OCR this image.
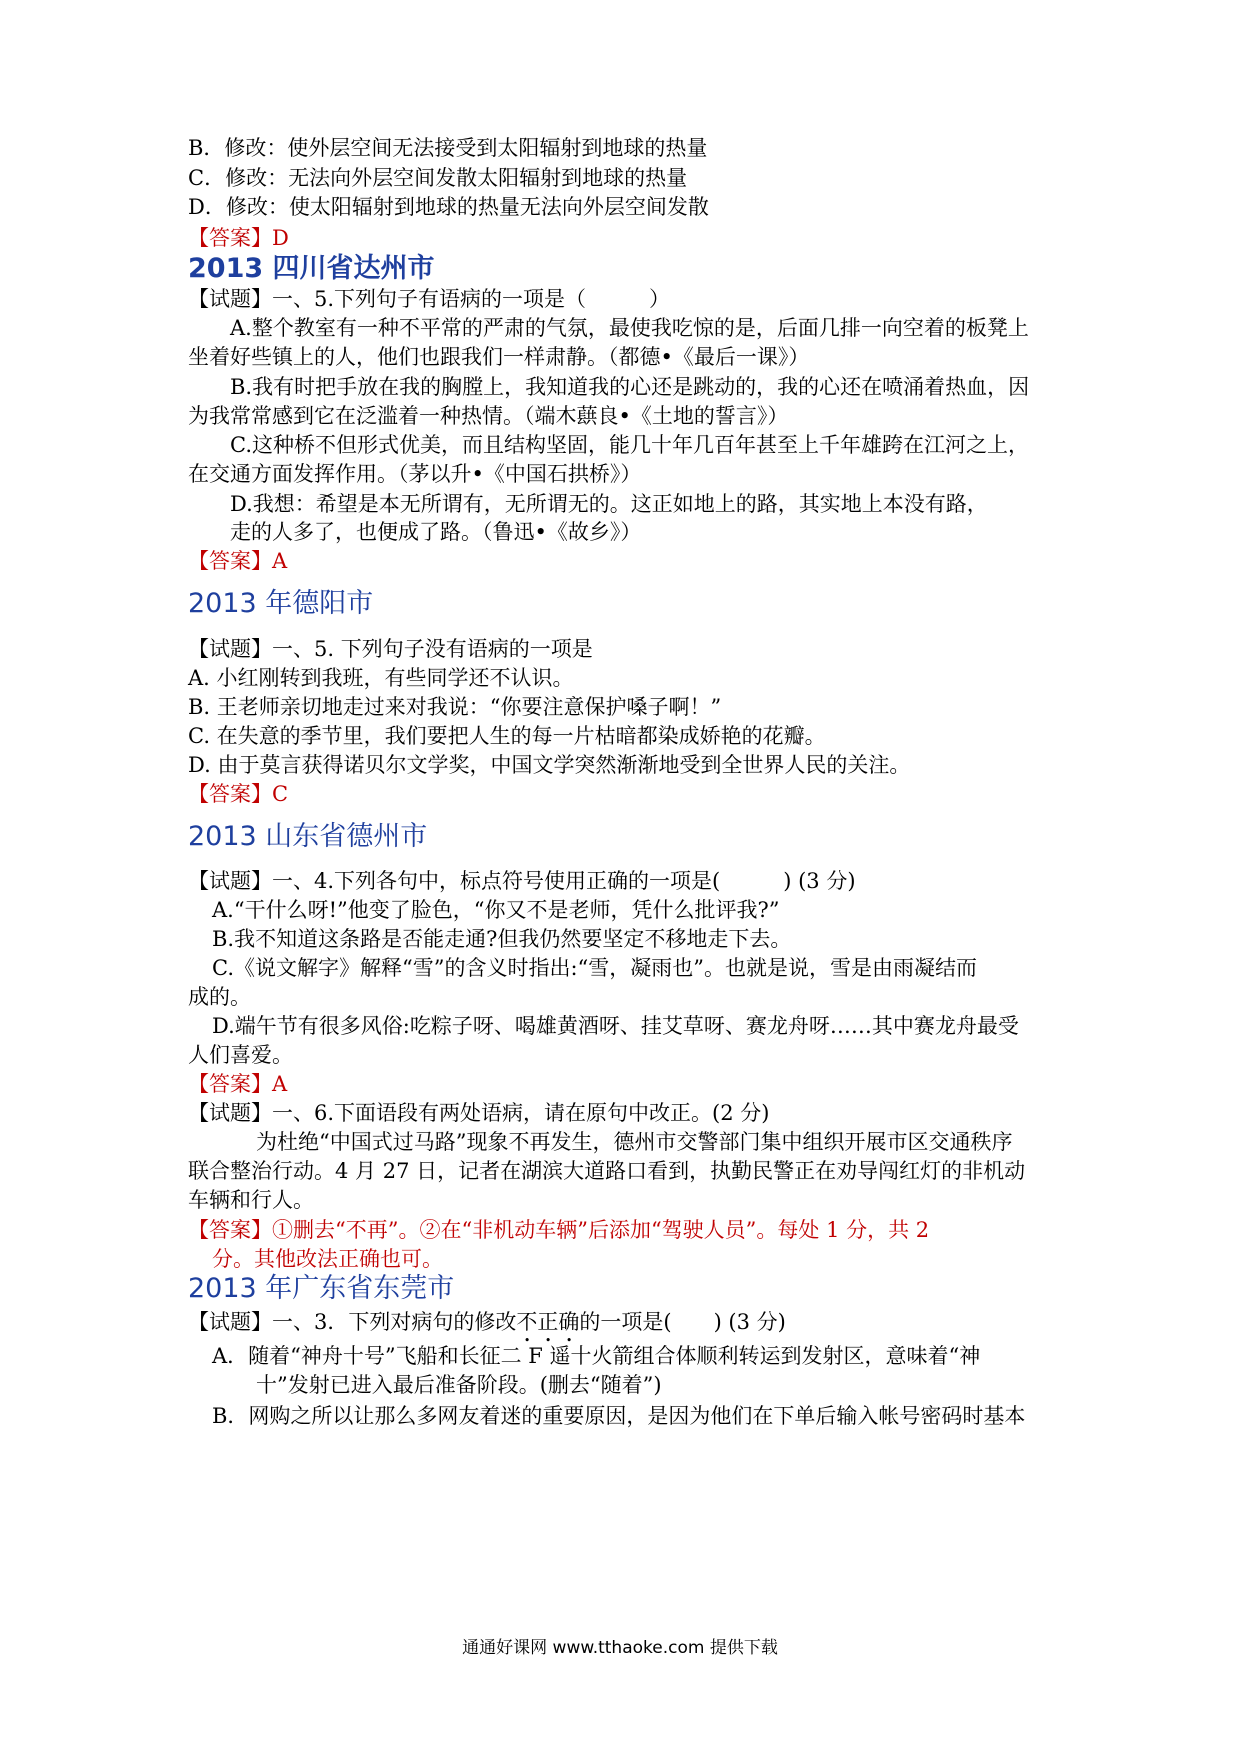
B．修改：使外层空间无法接受到太阳辐射到地球的热量
C．修改：无法向外层空间发散太阳辐射到地球的热量
D．修改：使太阳辐射到地球的热量无法向外层空间发散
【答案】D
2013 四川省达州市
【试题】一、5.下列句子有语病的一项是（　　　）
A.整个教室有一种不平常的严肃的气氛，最使我吃惊的是，后面几排一向空着的板凳上
坐着好些镇上的人，他们也跟我们一样肃静。（都德•《最后一课》）
B.我有时把手放在我的胸膛上，我知道我的心还是跳动的，我的心还在喷涌着热血，因
为我常常感到它在泛滥着一种热情。（端木蕻良•《土地的誓言》）
C.这种桥不但形式优美，而且结构坚固，能几十年几百年甚至上千年雄跨在江河之上，
在交通方面发挥作用。（茅以升•《中国石拱桥》）
D.我想：希望是本无所谓有，无所谓无的。这正如地上的路，其实地上本没有路，
走的人多了，也便成了路。（鲁迅•《故乡》）
【答案】A
2013 年德阳市
【试题】一、5. 下列句子没有语病的一项是
A. 小红刚转到我班，有些同学还不认识。
B. 王老师亲切地走过来对我说：“你要注意保护嗓子啊！”
C. 在失意的季节里，我们要把人生的每一片枯暗都染成娇艳的花瓣。
D. 由于莫言获得诺贝尔文学奖，中国文学突然渐渐地受到全世界人民的关注。
【答案】C
2013 山东省德州市
【试题】一、4.下列各句中，标点符号使用正确的一项是(　　　) (3 分)
A.“干什么呀!”他变了脸色，“你又不是老师，凭什么批评我?”
B.我不知道这条路是否能走通?但我仍然要坚定不移地走下去。
C.《说文解字》解释“雪”的含义时指出:“雪，凝雨也”。也就是说，雪是由雨凝结而
成的。
D.端午节有很多风俗:吃粽子呀、喝雄黄酒呀、挂艾草呀、赛龙舟呀……其中赛龙舟最受
人们喜爱。
【答案】A
【试题】一、6.下面语段有两处语病，请在原句中改正。(2 分)
为杜绝“中国式过马路”现象不再发生，德州市交警部门集中组织开展市区交通秩序
联合整治行动。4 月 27 日，记者在湖滨大道路口看到，执勤民警正在劝导闯红灯的非机动
车辆和行人。
【答案】①删去“不再”。②在“非机动车辆”后添加“驾驶人员”。每处 1 分，共 2
分。其他改法正确也可。
2013 年广东省东莞市
【试题】一、3．下列对病句的修改不正确的一项是(　　) (3 分)
A．随着“神舟十号”飞船和长征二 F 遥十火箭组合体顺利转运到发射区，意味着“神
十”发射已进入最后准备阶段。(删去“随着”)
B．网购之所以让那么多网友着迷的重要原因，是因为他们在下单后输入帐号密码时基本
通通好课网 www.tthaoke.com 提供下载
